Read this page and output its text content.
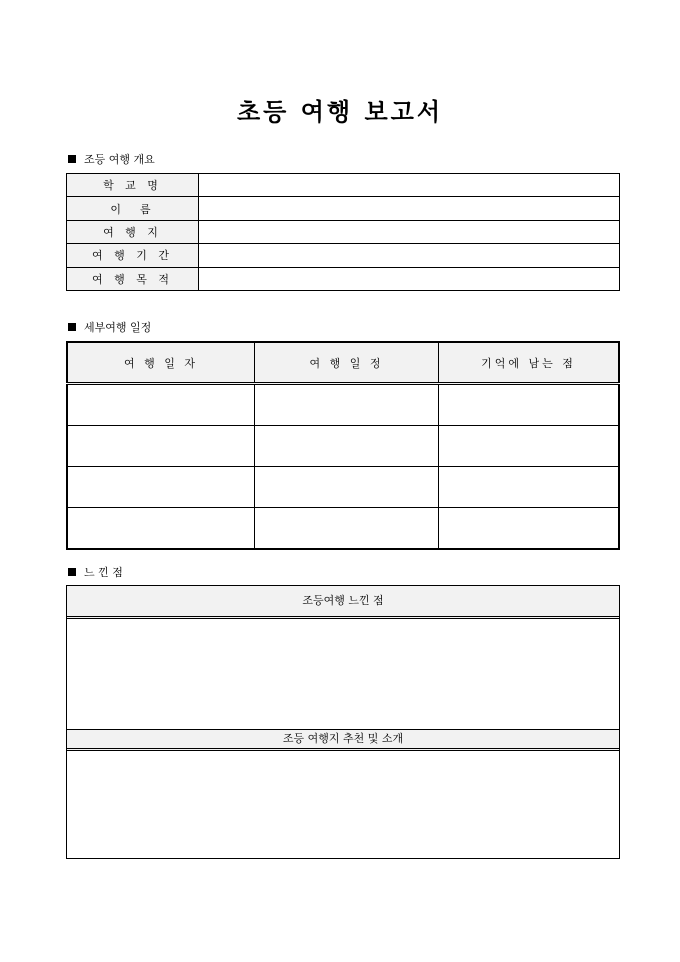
초등 여행 보고서
조등 여행 개요
학 교 명	
이  름	
여 행 지	
여 행 기 간	
여 행 목 적	
세부여행 일정
여 행 일 자	여 행 일 정	기억에 남는 점

느 낀 점
조등여행 느낀 점
조등 여행지 추천 및 소개
